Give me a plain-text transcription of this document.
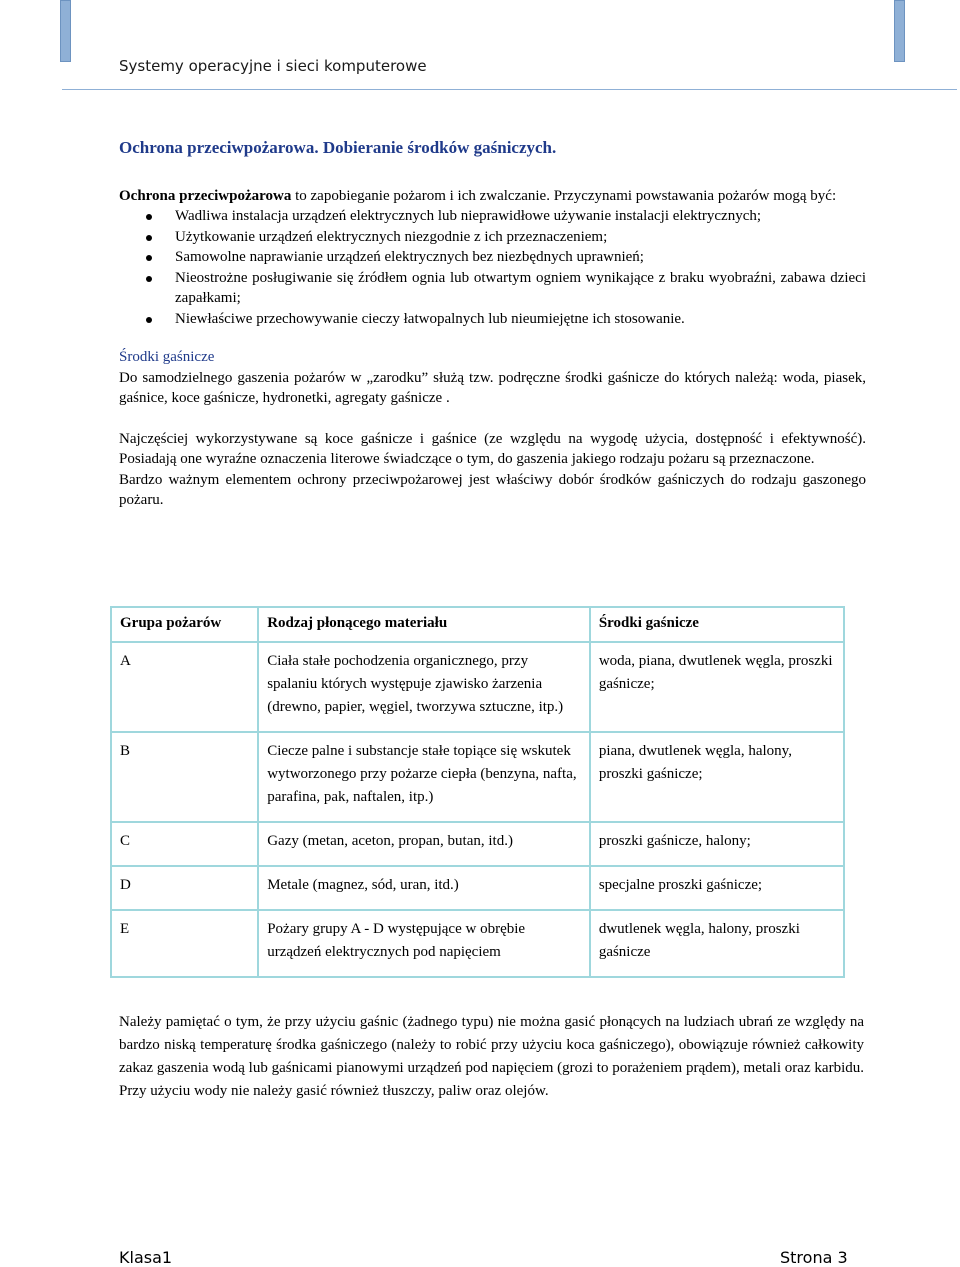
Systemy operacyjne i sieci komputerowe
Ochrona przeciwpożarowa. Dobieranie środków gaśniczych.

Ochrona przeciwpożarowa to zapobieganie pożarom i ich zwalczanie. Przyczynami powstawania pożarów mogą być:

Wadliwa instalacja urządzeń elektrycznych lub nieprawidłowe używanie instalacji elektrycznych;
Użytkowanie urządzeń elektrycznych niezgodnie z ich przeznaczeniem;
Samowolne naprawianie urządzeń elektrycznych bez niezbędnych uprawnień;
Nieostrożne posługiwanie się źródłem ognia lub otwartym ogniem wynikające z braku wyobraźni, zabawa dzieci zapałkami;
Niewłaściwe przechowywanie cieczy łatwopalnych lub nieumiejętne ich stosowanie.

Środki gaśnicze

Do samodzielnego gaszenia pożarów w „zarodku” służą tzw. podręczne środki gaśnicze do których należą: woda, piasek, gaśnice, koce gaśnicze, hydronetki, agregaty gaśnicze .

Najczęściej wykorzystywane są koce gaśnicze i gaśnice (ze względu na wygodę użycia, dostępność i efektywność). Posiadają one wyraźne oznaczenia literowe świadczące o tym, do gaszenia jakiego rodzaju pożaru są przeznaczone.

Bardzo ważnym elementem ochrony przeciwpożarowej jest właściwy dobór środków gaśniczych do rodzaju gaszonego pożaru.

Grupa pożarów	Rodzaj płonącego materiału	Środki gaśnicze
A	Ciała stałe pochodzenia organicznego, przy spalaniu których występuje zjawisko żarzenia (drewno, papier, węgiel, tworzywa sztuczne, itp.)	woda, piana, dwutlenek węgla, proszki gaśnicze;
B	Ciecze palne i substancje stałe topiące się wskutek wytworzonego przy pożarze ciepła (benzyna, nafta, parafina, pak, naftalen, itp.)	piana, dwutlenek węgla, halony, proszki gaśnicze;
C	Gazy (metan, aceton, propan, butan, itd.)	proszki gaśnicze, halony;
D	Metale (magnez, sód, uran, itd.)	specjalne proszki gaśnicze;
E	Pożary grupy A - D występujące w obrębie urządzeń elektrycznych pod napięciem	dwutlenek węgla, halony, proszki gaśnicze

Należy pamiętać o tym, że przy użyciu gaśnic (żadnego typu) nie można gasić płonących na ludziach ubrań ze względy na bardzo niską temperaturę środka gaśniczego (należy to robić przy użyciu koca gaśniczego), obowiązuje również całkowity zakaz gaszenia wodą lub gaśnicami pianowymi urządzeń pod napięciem (grozi to porażeniem prądem), metali oraz karbidu. Przy użyciu wody nie należy gasić również tłuszczy, paliw oraz olejów.

Klasa1	Strona 3
